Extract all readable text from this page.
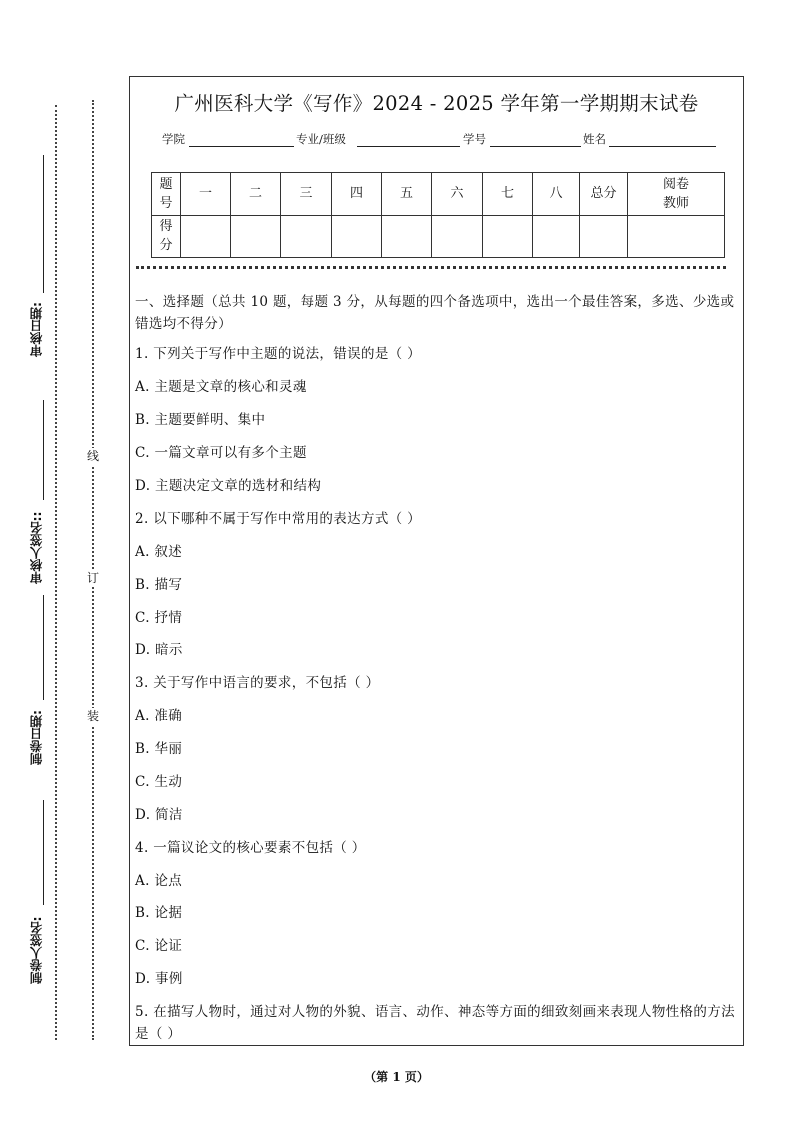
审核日期:
审核人签名::
制卷日期:
制卷人签名:
线
订
装
广州医科大学《写作》2024 - 2025 学年第一学期期末试卷
学院	专业/班级	学号	姓名
题
号	一	二	三	四	五	六	七	八	总分	阅卷
教师
得
分										
一、选择题（总共 10 题，每题 3 分，从每题的四个备选项中，选出一个最佳答案，多选、少选或错选均不得分）
1. 下列关于写作中主题的说法，错误的是（ ）
A. 主题是文章的核心和灵魂
B. 主题要鲜明、集中
C. 一篇文章可以有多个主题
D. 主题决定文章的选材和结构
2. 以下哪种不属于写作中常用的表达方式（ ）
A. 叙述
B. 描写
C. 抒情
D. 暗示
3. 关于写作中语言的要求，不包括（ ）
A. 准确
B. 华丽
C. 生动
D. 简洁
4. 一篇议论文的核心要素不包括（ ）
A. 论点
B. 论据
C. 论证
D. 事例
5. 在描写人物时，通过对人物的外貌、语言、动作、神态等方面的细致刻画来表现人物性格的方法是（ ）
（第 1 页）
